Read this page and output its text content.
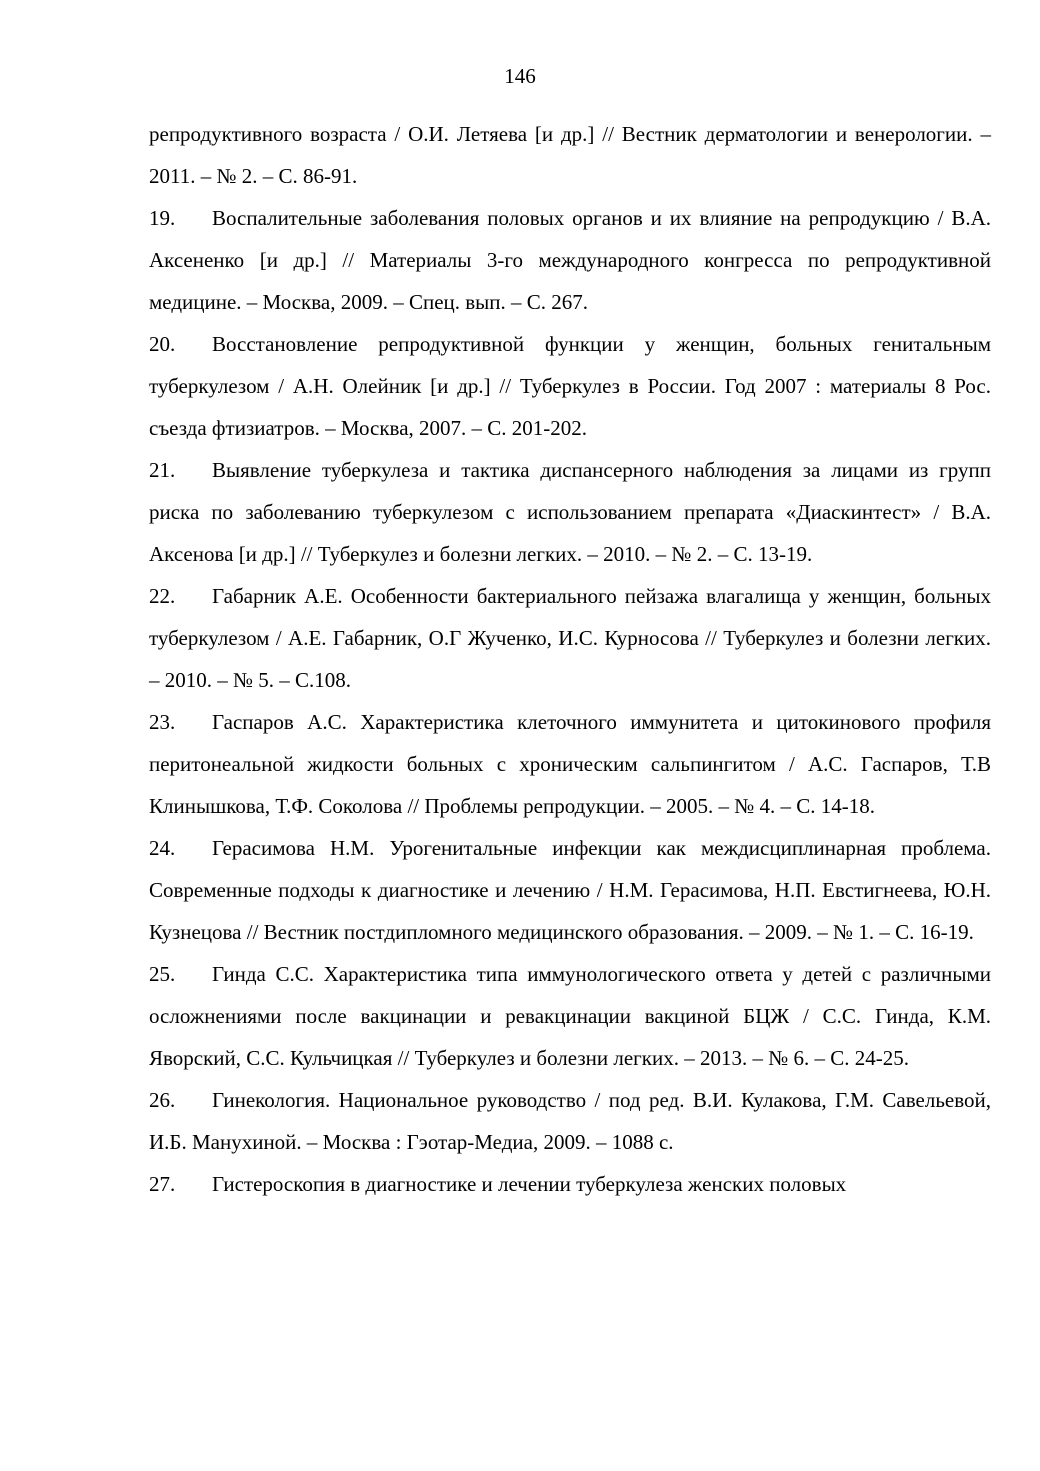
146

репродуктивного возраста / О.И. Летяева [и др.] // Вестник дерматологии и венерологии. – 2011. – № 2. – С. 86-91.

19. Воспалительные заболевания половых органов и их влияние на репродукцию / В.А. Аксененко [и др.] // Материалы 3-го международного конгресса по репродуктивной медицине. – Москва, 2009. – Спец. вып. – С. 267.

20. Восстановление репродуктивной функции у женщин, больных генитальным туберкулезом / А.Н. Олейник [и др.] // Туберкулез в России. Год 2007 : материалы 8 Рос. съезда фтизиатров. – Москва, 2007. – С. 201-202.

21. Выявление туберкулеза и тактика диспансерного наблюдения за лицами из групп риска по заболеванию туберкулезом с использованием препарата «Диаскинтест» / В.А. Аксенова [и др.] // Туберкулез и болезни легких. – 2010. – № 2. – С. 13-19.

22. Габарник А.Е. Особенности бактериального пейзажа влагалища у женщин, больных туберкулезом / А.Е. Габарник, О.Г Жученко, И.С. Курносова // Туберкулез и болезни легких. – 2010. – № 5. – С.108.

23. Гаспаров А.С. Характеристика клеточного иммунитета и цитокинового профиля перитонеальной жидкости больных с хроническим сальпингитом / А.С. Гаспаров, Т.В Клинышкова, Т.Ф. Соколова // Проблемы репродукции. – 2005. – № 4. – С. 14-18.

24. Герасимова Н.М. Урогенитальные инфекции как междисциплинарная проблема. Современные подходы к диагностике и лечению / Н.М. Герасимова, Н.П. Евстигнеева, Ю.Н. Кузнецова // Вестник постдипломного медицинского образования. – 2009. – № 1. – С. 16-19.

25. Гинда С.С. Характеристика типа иммунологического ответа у детей с различными осложнениями после вакцинации и ревакцинации вакциной БЦЖ / С.С. Гинда, К.М. Яворский, С.С. Кульчицкая // Туберкулез и болезни легких. – 2013. – № 6. – С. 24-25.

26. Гинекология. Национальное руководство / под ред. В.И. Кулакова, Г.М. Савельевой, И.Б. Манухиной. – Москва : Гэотар-Медиа, 2009. – 1088 с.

27. Гистероскопия в диагностике и лечении туберкулеза женских половых
